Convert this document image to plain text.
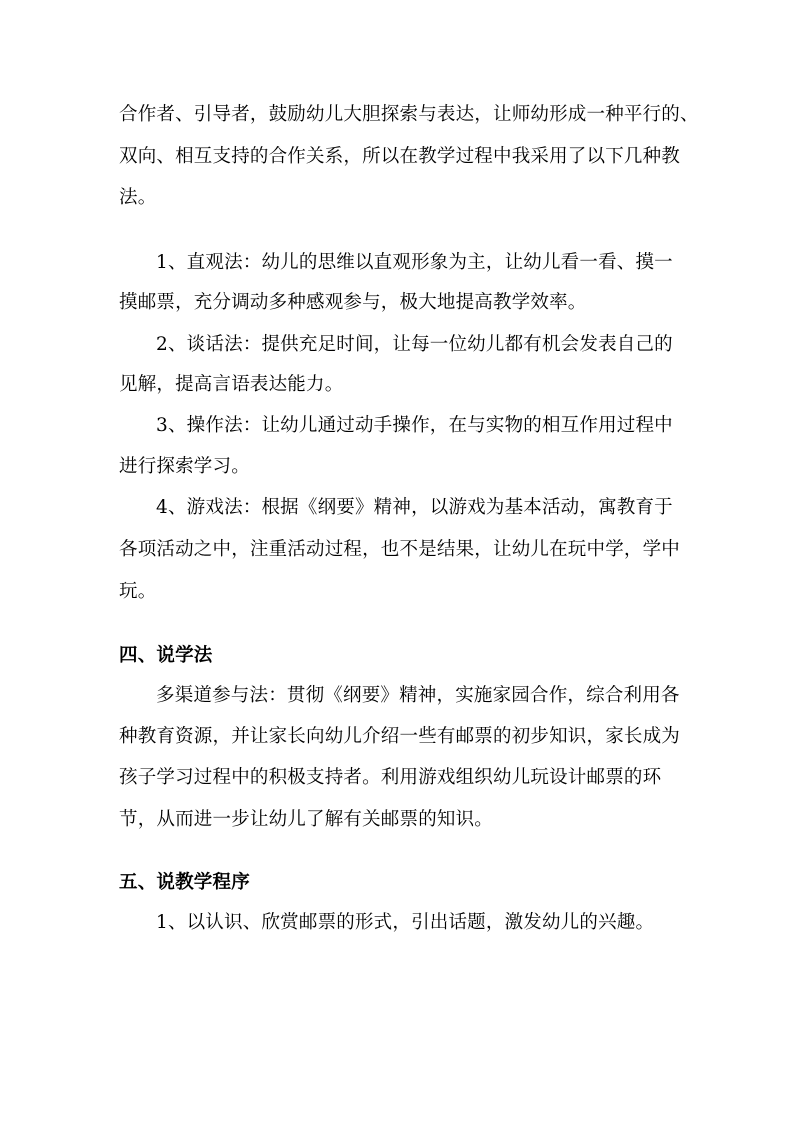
合作者、引导者，鼓励幼儿大胆探索与表达，让师幼形成一种平行的、
双向、相互支持的合作关系，所以在教学过程中我采用了以下几种教
法。
1、直观法：幼儿的思维以直观形象为主，让幼儿看一看、摸一
摸邮票，充分调动多种感观参与，极大地提高教学效率。
2、谈话法：提供充足时间，让每一位幼儿都有机会发表自己的
见解，提高言语表达能力。
3、操作法：让幼儿通过动手操作，在与实物的相互作用过程中
进行探索学习。
4、游戏法：根据《纲要》精神，以游戏为基本活动，寓教育于
各项活动之中，注重活动过程，也不是结果，让幼儿在玩中学，学中
玩。
四、说学法
多渠道参与法：贯彻《纲要》精神，实施家园合作，综合利用各
种教育资源，并让家长向幼儿介绍一些有邮票的初步知识，家长成为
孩子学习过程中的积极支持者。利用游戏组织幼儿玩设计邮票的环
节，从而进一步让幼儿了解有关邮票的知识。
五、说教学程序
1、以认识、欣赏邮票的形式，引出话题，激发幼儿的兴趣。
